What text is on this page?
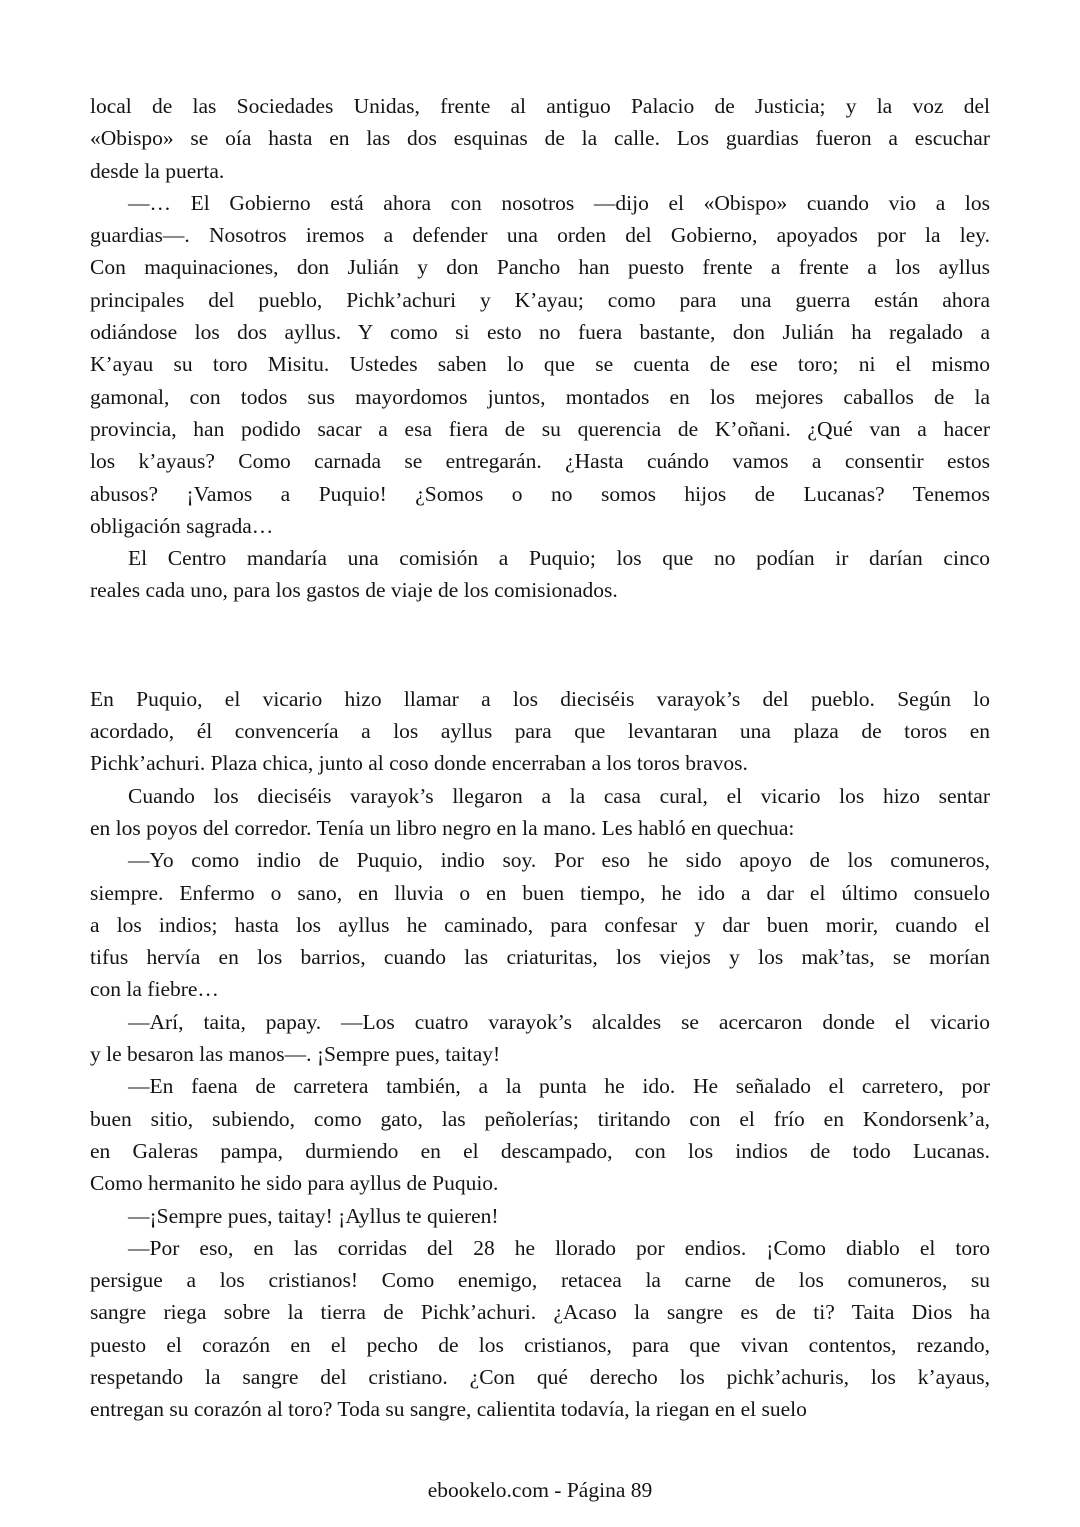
local de las Sociedades Unidas, frente al antiguo Palacio de Justicia; y la voz del
«Obispo» se oía hasta en las dos esquinas de la calle. Los guardias fueron a escuchar
desde la puerta.

—… El Gobierno está ahora con nosotros —dijo el «Obispo» cuando vio a los
guardias—. Nosotros iremos a defender una orden del Gobierno, apoyados por la ley.
Con maquinaciones, don Julián y don Pancho han puesto frente a frente a los ayllus
principales del pueblo, Pichk’achuri y K’ayau; como para una guerra están ahora
odiándose los dos ayllus. Y como si esto no fuera bastante, don Julián ha regalado a
K’ayau su toro Misitu. Ustedes saben lo que se cuenta de ese toro; ni el mismo
gamonal, con todos sus mayordomos juntos, montados en los mejores caballos de la
provincia, han podido sacar a esa fiera de su querencia de K’oñani. ¿Qué van a hacer
los k’ayaus? Como carnada se entregarán. ¿Hasta cuándo vamos a consentir estos
abusos? ¡Vamos a Puquio! ¿Somos o no somos hijos de Lucanas? Tenemos
obligación sagrada…

El Centro mandaría una comisión a Puquio; los que no podían ir darían cinco
reales cada uno, para los gastos de viaje de los comisionados.

En Puquio, el vicario hizo llamar a los dieciséis varayok’s del pueblo. Según lo
acordado, él convencería a los ayllus para que levantaran una plaza de toros en
Pichk’achuri. Plaza chica, junto al coso donde encerraban a los toros bravos.

Cuando los dieciséis varayok’s llegaron a la casa cural, el vicario los hizo sentar
en los poyos del corredor. Tenía un libro negro en la mano. Les habló en quechua:

—Yo como indio de Puquio, indio soy. Por eso he sido apoyo de los comuneros,
siempre. Enfermo o sano, en lluvia o en buen tiempo, he ido a dar el último consuelo
a los indios; hasta los ayllus he caminado, para confesar y dar buen morir, cuando el
tifus hervía en los barrios, cuando las criaturitas, los viejos y los mak’tas, se morían
con la fiebre…

—Arí, taita, papay. —Los cuatro varayok’s alcaldes se acercaron donde el vicario
y le besaron las manos—. ¡Sempre pues, taitay!

—En faena de carretera también, a la punta he ido. He señalado el carretero, por
buen sitio, subiendo, como gato, las peñolerías; tiritando con el frío en Kondorsenk’a,
en Galeras pampa, durmiendo en el descampado, con los indios de todo Lucanas.
Como hermanito he sido para ayllus de Puquio.

—¡Sempre pues, taitay! ¡Ayllus te quieren!

—Por eso, en las corridas del 28 he llorado por endios. ¡Como diablo el toro
persigue a los cristianos! Como enemigo, retacea la carne de los comuneros, su
sangre riega sobre la tierra de Pichk’achuri. ¿Acaso la sangre es de ti? Taita Dios ha
puesto el corazón en el pecho de los cristianos, para que vivan contentos, rezando,
respetando la sangre del cristiano. ¿Con qué derecho los pichk’achuris, los k’ayaus,
entregan su corazón al toro? Toda su sangre, calientita todavía, la riegan en el suelo

ebookelo.com - Página 89
